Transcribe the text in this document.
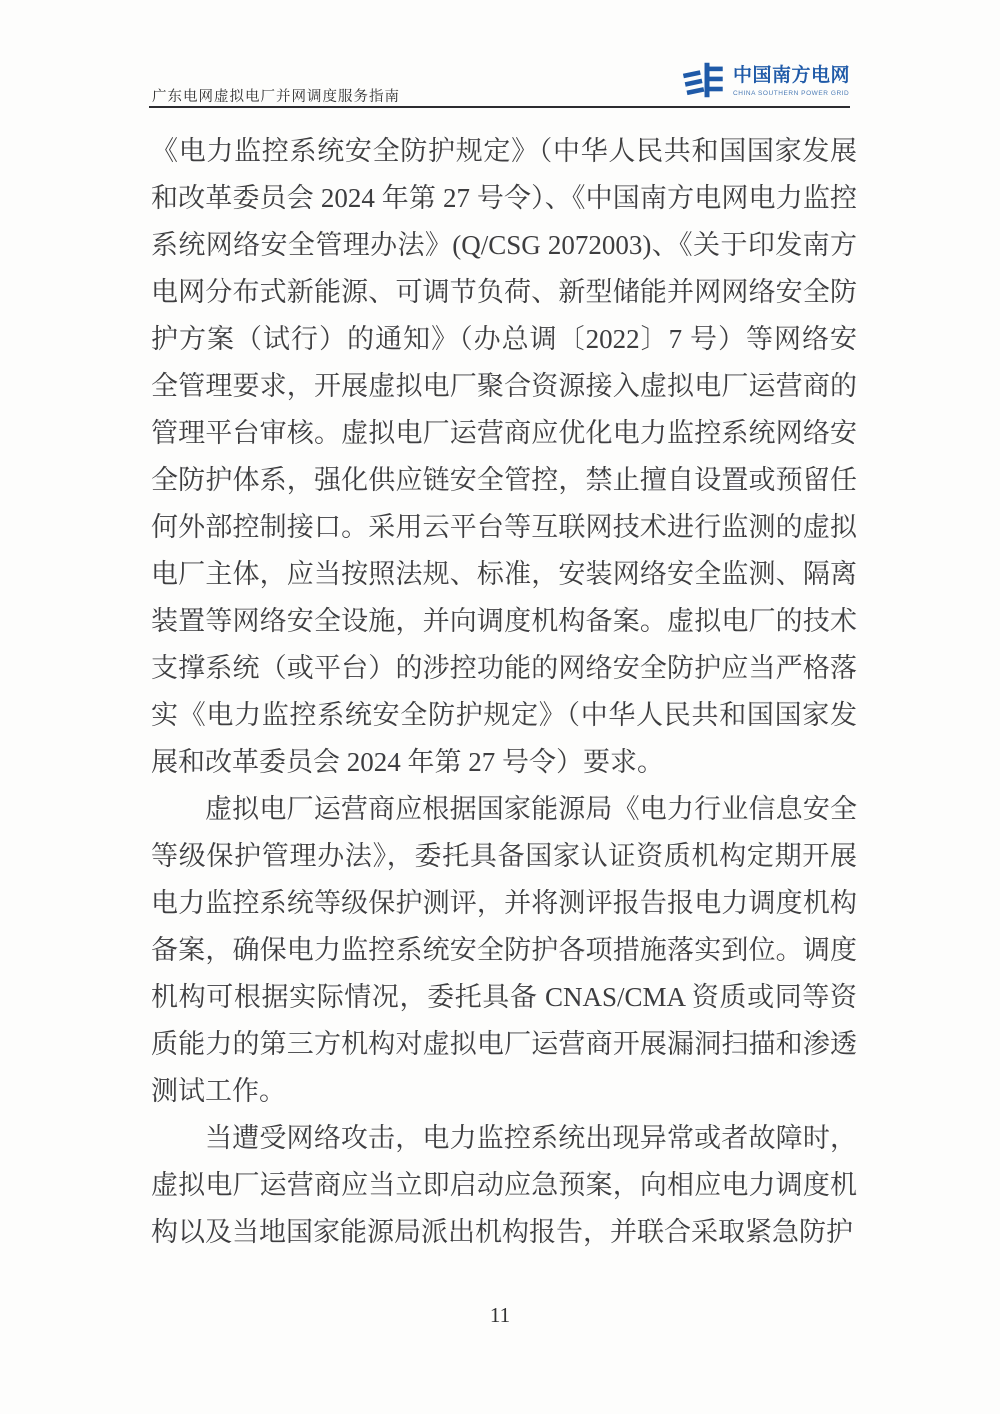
广东电网虚拟电厂并网调度服务指南
中国南方电网
CHINA SOUTHERN POWER GRID

《电力监控系统安全防护规定》（中华人民共和国国家发展和改革委员会 2024 年第 27 号令）、《中国南方电网电力监控系统网络安全管理办法》(Q/CSG 2072003)、《关于印发南方电网分布式新能源、可调节负荷、新型储能并网网络安全防护方案（试行）的通知》（办总调〔2022〕7 号）等网络安全管理要求，开展虚拟电厂聚合资源接入虚拟电厂运营商的管理平台审核。虚拟电厂运营商应优化电力监控系统网络安全防护体系，强化供应链安全管控，禁止擅自设置或预留任何外部控制接口。采用云平台等互联网技术进行监测的虚拟电厂主体，应当按照法规、标准，安装网络安全监测、隔离装置等网络安全设施，并向调度机构备案。虚拟电厂的技术支撑系统（或平台）的涉控功能的网络安全防护应当严格落实《电力监控系统安全防护规定》（中华人民共和国国家发展和改革委员会 2024 年第 27 号令）要求。

虚拟电厂运营商应根据国家能源局《电力行业信息安全等级保护管理办法》，委托具备国家认证资质机构定期开展电力监控系统等级保护测评，并将测评报告报电力调度机构备案，确保电力监控系统安全防护各项措施落实到位。调度机构可根据实际情况，委托具备 CNAS/CMA 资质或同等资质能力的第三方机构对虚拟电厂运营商开展漏洞扫描和渗透测试工作。

当遭受网络攻击，电力监控系统出现异常或者故障时，虚拟电厂运营商应当立即启动应急预案，向相应电力调度机构以及当地国家能源局派出机构报告，并联合采取紧急防护

11
